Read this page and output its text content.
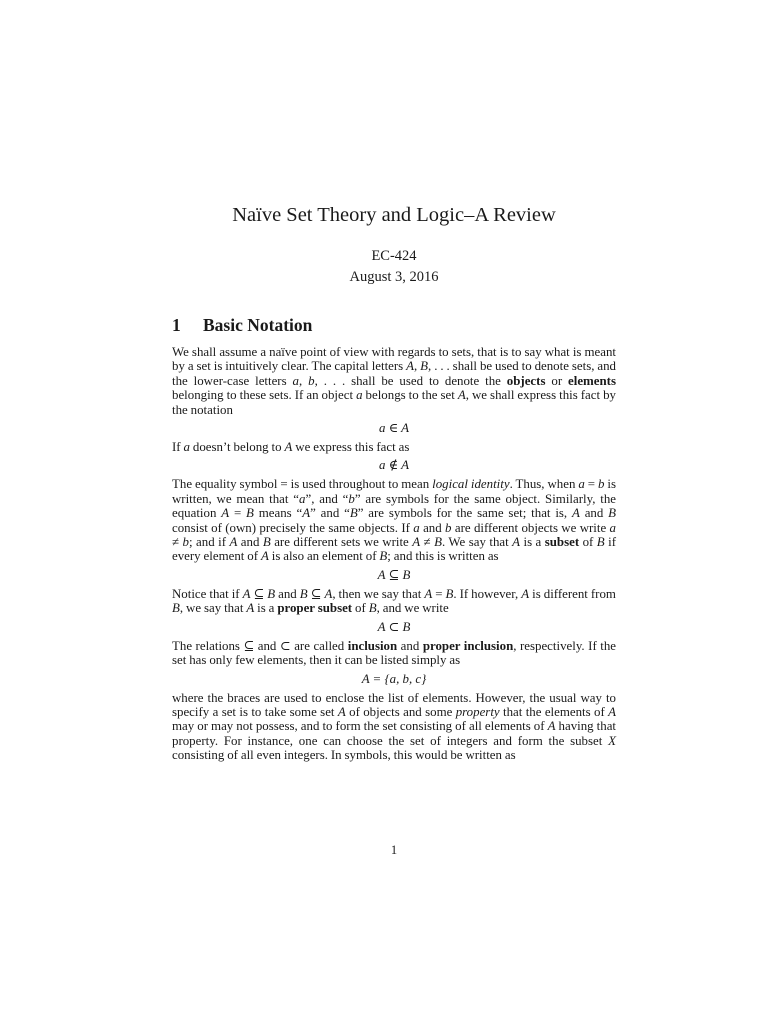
Naïve Set Theory and Logic–A Review
EC-424
August 3, 2016
1 Basic Notation

We shall assume a naïve point of view with regards to sets, that is to say what is meant by a set is intuitively clear. The capital letters A, B, . . . shall be used to denote sets, and the lower-case letters a, b, . . . shall be used to denote the objects or elements belonging to these sets. If an object a belongs to the set A, we shall express this fact by the notation

a ∈ A

If a doesn’t belong to A we express this fact as

a ∉ A

The equality symbol = is used throughout to mean logical identity. Thus, when a = b is written, we mean that “a”, and “b” are symbols for the same object. Similarly, the equation A = B means “A” and “B” are symbols for the same set; that is, A and B consist of (own) precisely the same objects. If a and b are different objects we write a ≠ b; and if A and B are different sets we write A ≠ B. We say that A is a subset of B if every element of A is also an element of B; and this is written as

A ⊆ B

Notice that if A ⊆ B and B ⊆ A, then we say that A = B. If however, A is different from B, we say that A is a proper subset of B, and we write

A ⊂ B

The relations ⊆ and ⊂ are called inclusion and proper inclusion, respectively. If the set has only few elements, then it can be listed simply as

A = {a, b, c}

where the braces are used to enclose the list of elements. However, the usual way to specify a set is to take some set A of objects and some property that the elements of A may or may not possess, and to form the set consisting of all elements of A having that property. For instance, one can choose the set of integers and form the subset X consisting of all even integers. In symbols, this would be written as

1
